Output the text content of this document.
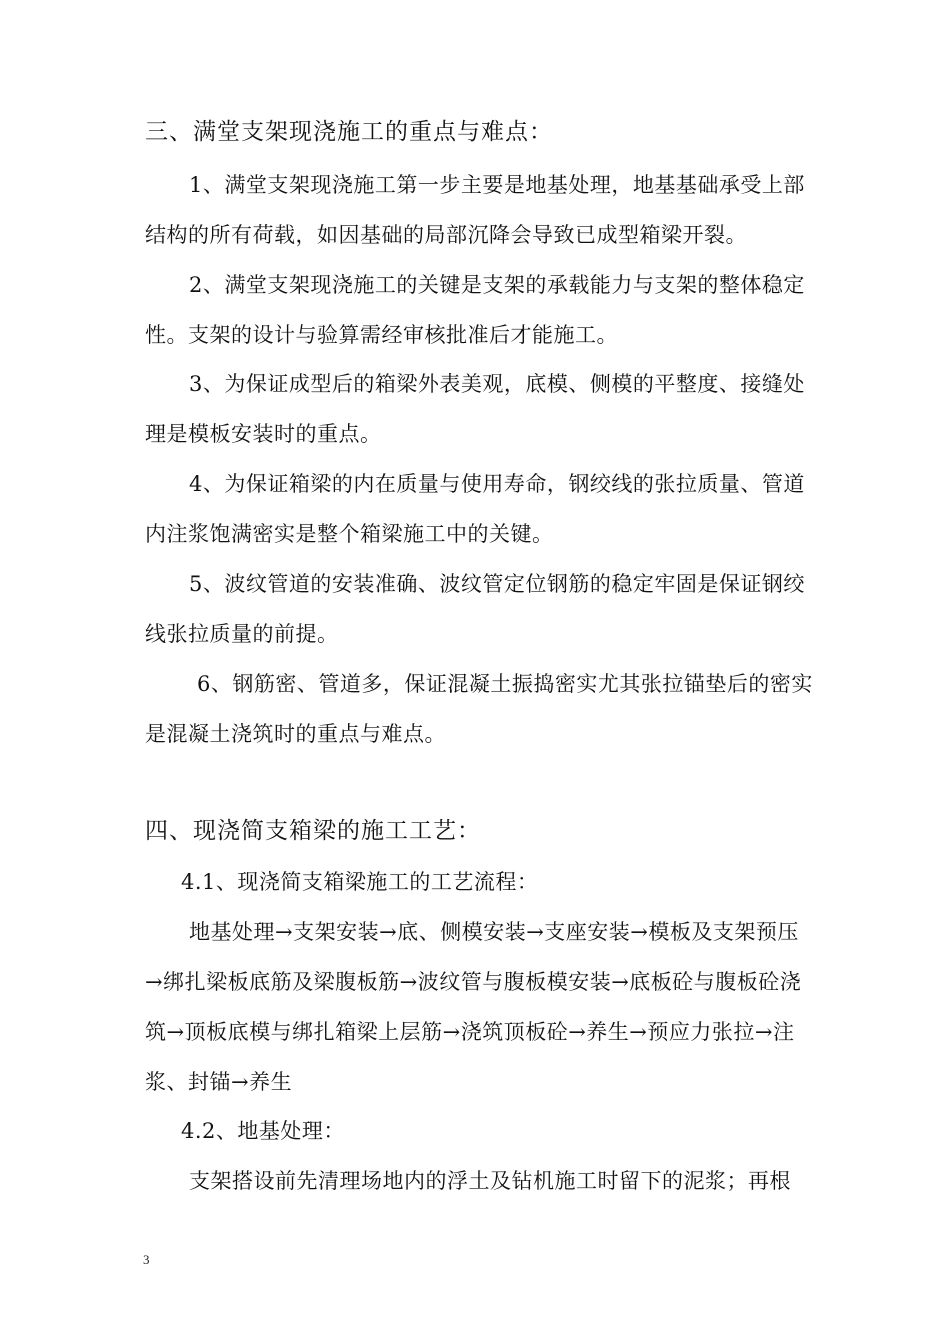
三、满堂支架现浇施工的重点与难点：
1、满堂支架现浇施工第一步主要是地基处理，地基基础承受上部结构的所有荷载，如因基础的局部沉降会导致已成型箱梁开裂。
2、满堂支架现浇施工的关键是支架的承载能力与支架的整体稳定性。支架的设计与验算需经审核批准后才能施工。
3、为保证成型后的箱梁外表美观，底模、侧模的平整度、接缝处理是模板安装时的重点。
4、为保证箱梁的内在质量与使用寿命，钢绞线的张拉质量、管道内注浆饱满密实是整个箱梁施工中的关键。
5、波纹管道的安装准确、波纹管定位钢筋的稳定牢固是保证钢绞线张拉质量的前提。
6、钢筋密、管道多，保证混凝土振捣密实尤其张拉锚垫后的密实是混凝土浇筑时的重点与难点。
四、现浇简支箱梁的施工工艺：
4.1、现浇简支箱梁施工的工艺流程：
地基处理→支架安装→底、侧模安装→支座安装→模板及支架预压→绑扎梁板底筋及梁腹板筋→波纹管与腹板模安装→底板砼与腹板砼浇筑→顶板底模与绑扎箱梁上层筋→浇筑顶板砼→养生→预应力张拉→注浆、封锚→养生
4.2、地基处理：
支架搭设前先清理场地内的浮土及钻机施工时留下的泥浆；再根
3
